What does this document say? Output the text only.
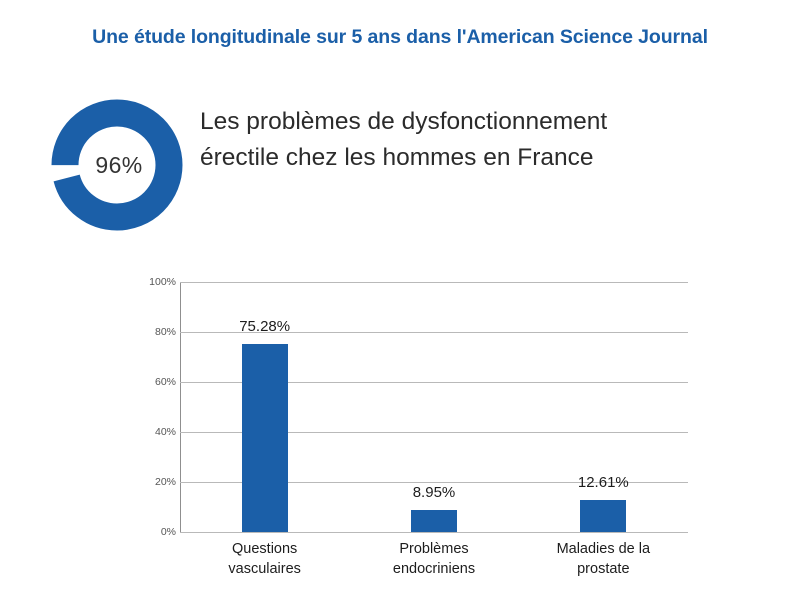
Une étude longitudinale sur 5 ans dans l'American Science Journal
96%
Les problèmes de dysfonctionnement
érectile chez les hommes en France
0%
20%
40%
60%
80%
100%
75.28%
8.95%
12.61%
Questions
vasculaires
Problèmes
endocriniens
Maladies de la
prostate
